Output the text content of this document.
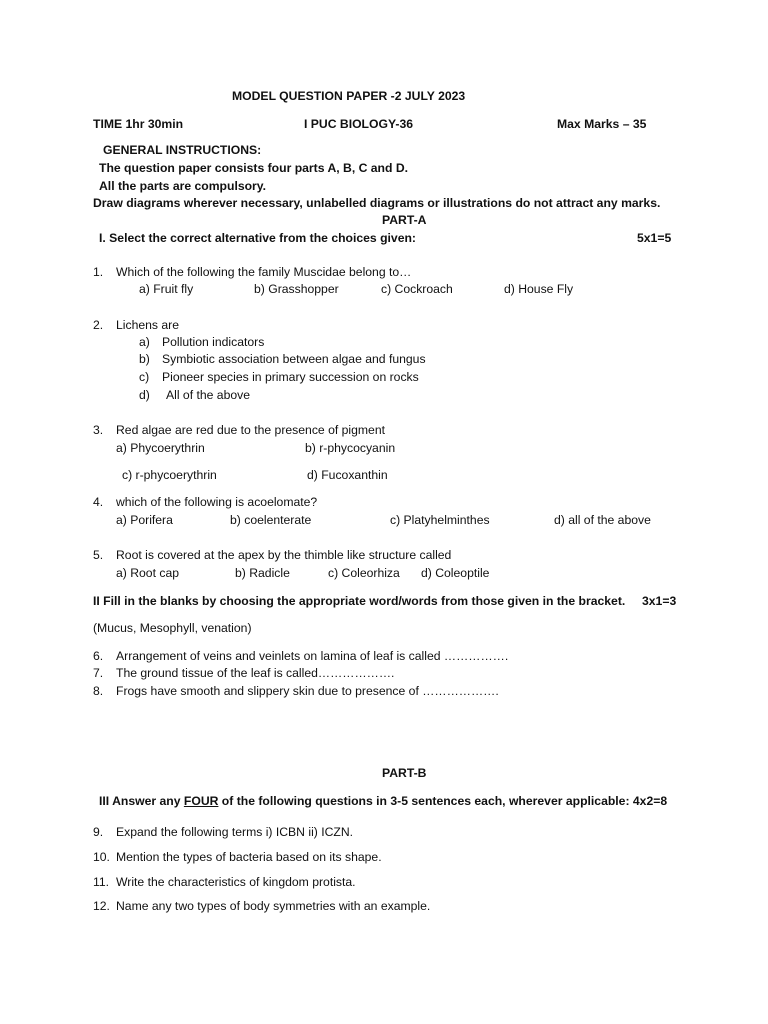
MODEL QUESTION PAPER -2 JULY 2023
TIME 1hr 30min	I PUC BIOLOGY-36	Max Marks – 35
GENERAL INSTRUCTIONS:
The question paper consists four parts A, B, C and D.
All the parts are compulsory.
Draw diagrams wherever necessary, unlabelled diagrams or illustrations do not attract any marks.
PART-A
I. Select the correct alternative from the choices given:	5x1=5
1. Which of the following the family Muscidae belong to…
a) Fruit fly	b) Grasshopper	c) Cockroach	d) House Fly
2. Lichens are
a) Pollution indicators
b) Symbiotic association between algae and fungus
c) Pioneer species in primary succession on rocks
d) All of the above
3. Red algae are red due to the presence of pigment
a) Phycoerythrin	b) r-phycocyanin
c) r-phycoerythrin	d) Fucoxanthin
4. which of the following is acoelomate?
a) Porifera	b) coelenterate	c) Platyhelminthes	d) all of the above
5. Root is covered at the apex by the thimble like structure called
a) Root cap	b) Radicle	c) Coleorhiza d) Coleoptile
II Fill in the blanks by choosing the appropriate word/words from those given in the bracket. 3x1=3
(Mucus, Mesophyll, venation)
6. Arrangement of veins and veinlets on lamina of leaf is called …………….
7. The ground tissue of the leaf is called……………….
8. Frogs have smooth and slippery skin due to presence of ……………….
PART-B
III Answer any FOUR of the following questions in 3-5 sentences each, wherever applicable: 4x2=8
9. Expand the following terms i) ICBN ii) ICZN.
10. Mention the types of bacteria based on its shape.
11. Write the characteristics of kingdom protista.
12. Name any two types of body symmetries with an example.
